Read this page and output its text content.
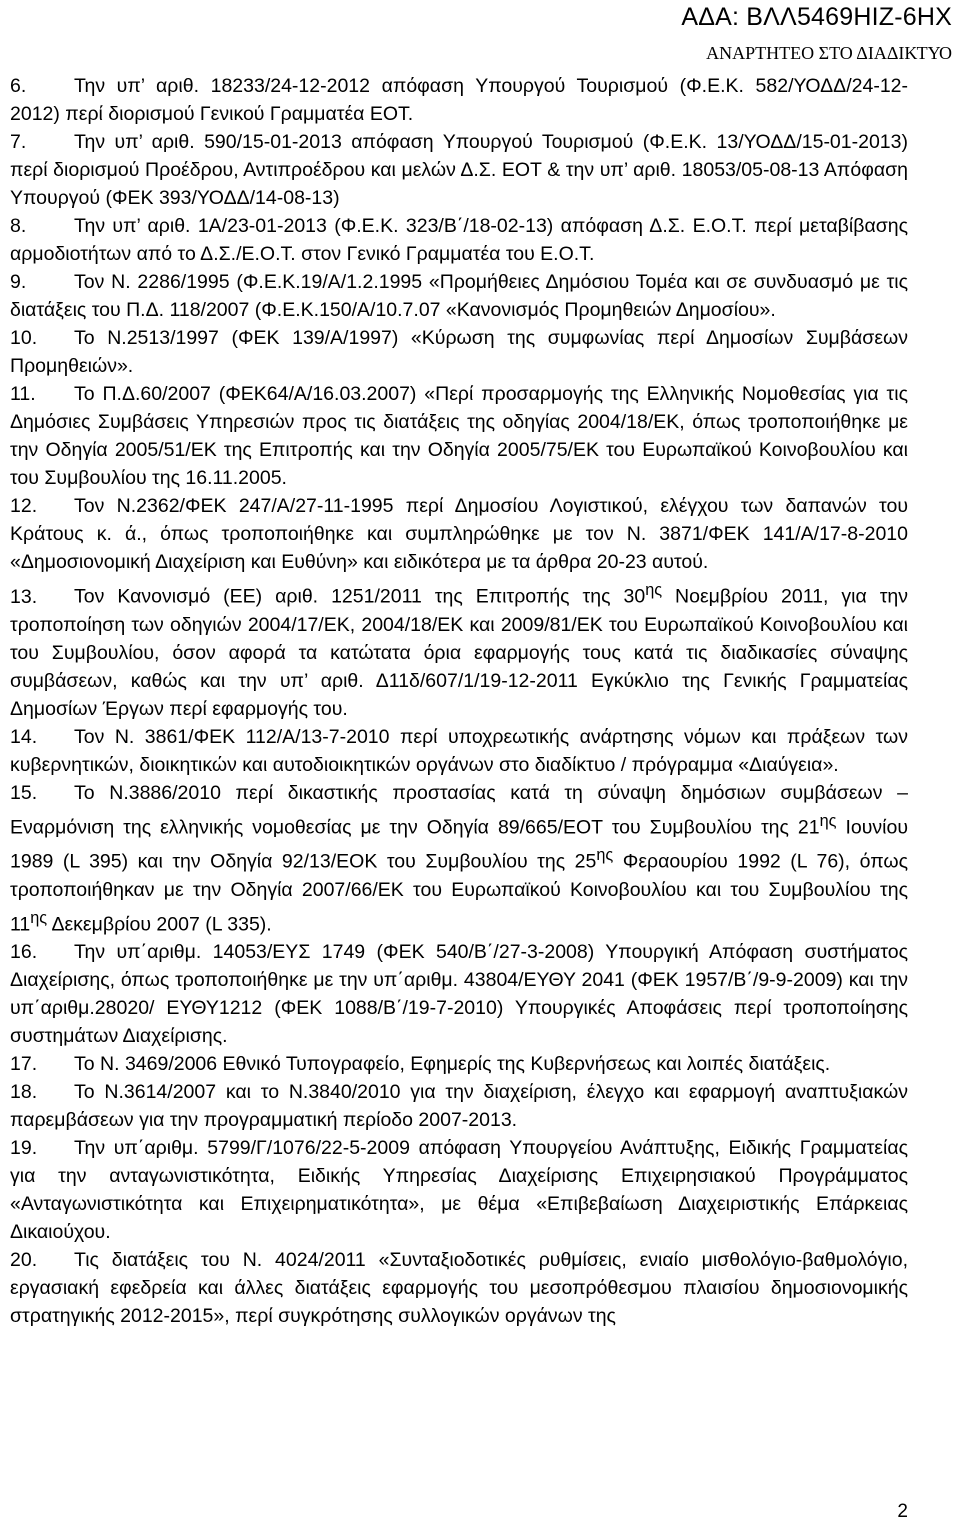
ΑΔΑ: ΒΛΛ5469ΗΙΖ-6ΗΧ
ΑΝΑΡΤΗΤΕΟ ΣΤΟ ΔΙΑΔΙΚΤΥΟ

6. Την υπ’ αριθ. 18233/24-12-2012 απόφαση Υπουργού Τουρισμού (Φ.Ε.Κ. 582/ΥΟΔΔ/24-12-2012) περί διορισμού Γενικού Γραμματέα ΕΟΤ.

7. Την υπ’ αριθ. 590/15-01-2013 απόφαση Υπουργού Τουρισμού (Φ.Ε.Κ. 13/ΥΟΔΔ/15-01-2013) περί διορισμού Προέδρου, Αντιπροέδρου και μελών Δ.Σ. ΕΟΤ & την υπ’ αριθ. 18053/05-08-13 Απόφαση Υπουργού (ΦΕΚ 393/ΥΟΔΔ/14-08-13)

8. Την υπ’ αριθ. 1Α/23-01-2013 (Φ.Ε.Κ. 323/Β΄/18-02-13) απόφαση Δ.Σ. Ε.Ο.Τ. περί μεταβίβασης αρμοδιοτήτων από το Δ.Σ./Ε.Ο.Τ. στον Γενικό Γραμματέα του Ε.Ο.Τ.

9. Τον Ν. 2286/1995 (Φ.Ε.Κ.19/Α/1.2.1995 «Προμήθειες Δημόσιου Τομέα και σε συνδυασμό με τις διατάξεις του Π.Δ. 118/2007 (Φ.Ε.Κ.150/Α/10.7.07 «Κανονισμός Προμηθειών Δημοσίου».

10. Το Ν.2513/1997 (ΦΕΚ 139/Α/1997) «Κύρωση της συμφωνίας περί Δημοσίων Συμβάσεων Προμηθειών».

11. Το Π.Δ.60/2007 (ΦΕΚ64/Α/16.03.2007) «Περί προσαρμογής της Ελληνικής Νομοθεσίας για τις Δημόσιες Συμβάσεις Υπηρεσιών προς τις διατάξεις της οδηγίας 2004/18/ΕΚ, όπως τροποποιήθηκε με την Οδηγία 2005/51/ΕΚ της Επιτροπής και την Οδηγία 2005/75/ΕΚ του Ευρωπαϊκού Κοινοβουλίου και του Συμβουλίου της 16.11.2005.

12. Τον Ν.2362/ΦΕΚ 247/Α/27-11-1995 περί Δημοσίου Λογιστικού, ελέγχου των δαπανών του Κράτους κ. ά., όπως τροποποιήθηκε και συμπληρώθηκε με τον Ν. 3871/ΦΕΚ 141/Α/17-8-2010 «Δημοσιονομική Διαχείριση και Ευθύνη» και ειδικότερα με τα άρθρα 20-23 αυτού.

13. Τον Κανονισμό (ΕΕ) αριθ. 1251/2011 της Επιτροπής της $30^{\eta\varsigma}$ Νοεμβρίου 2011, για την τροποποίηση των οδηγιών 2004/17/ΕΚ, 2004/18/ΕΚ και 2009/81/ΕΚ του Ευρωπαϊκού Κοινοβουλίου και του Συμβουλίου, όσον αφορά τα κατώτατα όρια εφαρμογής τους κατά τις διαδικασίες σύναψης συμβάσεων, καθώς και την υπ’ αριθ. Δ11δ/607/1/19-12-2011 Εγκύκλιο της Γενικής Γραμματείας Δημοσίων Έργων περί εφαρμογής του.

14. Τον Ν. 3861/ΦΕΚ 112/Α/13-7-2010 περί υποχρεωτικής ανάρτησης νόμων και πράξεων των κυβερνητικών, διοικητικών και αυτοδιοικητικών οργάνων στο διαδίκτυο / πρόγραμμα «Διαύγεια».

15. Το Ν.3886/2010 περί δικαστικής προστασίας κατά τη σύναψη δημόσιων συμβάσεων – Εναρμόνιση της ελληνικής νομοθεσίας με την Οδηγία 89/665/ΕΟΤ του Συμβουλίου της $21^{\eta\varsigma}$ Ιουνίου 1989 (L 395) και την Οδηγία 92/13/ΕΟΚ του Συμβουλίου της $25^{\eta\varsigma}$ Φεραουρίου 1992 (L 76), όπως τροποποιήθηκαν με την Οδηγία 2007/66/ΕΚ του Ευρωπαϊκού Κοινοβουλίου και του Συμβουλίου της $11^{\eta\varsigma}$ Δεκεμβρίου 2007 (L 335).

16. Την υπ΄αριθμ. 14053/ΕΥΣ 1749 (ΦΕΚ 540/Β΄/27-3-2008) Υπουργική Απόφαση συστήματος Διαχείρισης, όπως τροποποιήθηκε με την υπ΄αριθμ. 43804/ΕΥΘΥ 2041 (ΦΕΚ 1957/Β΄/9-9-2009) και την υπ΄αριθμ.28020/ ΕΥΘΥ1212 (ΦΕΚ 1088/Β΄/19-7-2010) Υπουργικές Αποφάσεις περί τροποποίησης συστημάτων Διαχείρισης.

17. Το Ν. 3469/2006 Εθνικό Τυπογραφείο, Εφημερίς της Κυβερνήσεως και λοιπές διατάξεις.

18. Το Ν.3614/2007 και το Ν.3840/2010 για την διαχείριση, έλεγχο και εφαρμογή αναπτυξιακών παρεμβάσεων για την προγραμματική περίοδο 2007-2013.

19. Την υπ΄αριθμ. 5799/Γ/1076/22-5-2009 απόφαση Υπουργείου Ανάπτυξης, Ειδικής Γραμματείας για την ανταγωνιστικότητα, Ειδικής Υπηρεσίας Διαχείρισης Επιχειρησιακού Προγράμματος «Ανταγωνιστικότητα και Επιχειρηματικότητα», με θέμα «Επιβεβαίωση Διαχειριστικής Επάρκειας Δικαιούχου.

20. Τις διατάξεις του Ν. 4024/2011 «Συνταξιοδοτικές ρυθμίσεις, ενιαίο μισθολόγιο-βαθμολόγιο, εργασιακή εφεδρεία και άλλες διατάξεις εφαρμογής του μεσοπρόθεσμου πλαισίου δημοσιονομικής στρατηγικής 2012-2015», περί συγκρότησης συλλογικών οργάνων της

2
